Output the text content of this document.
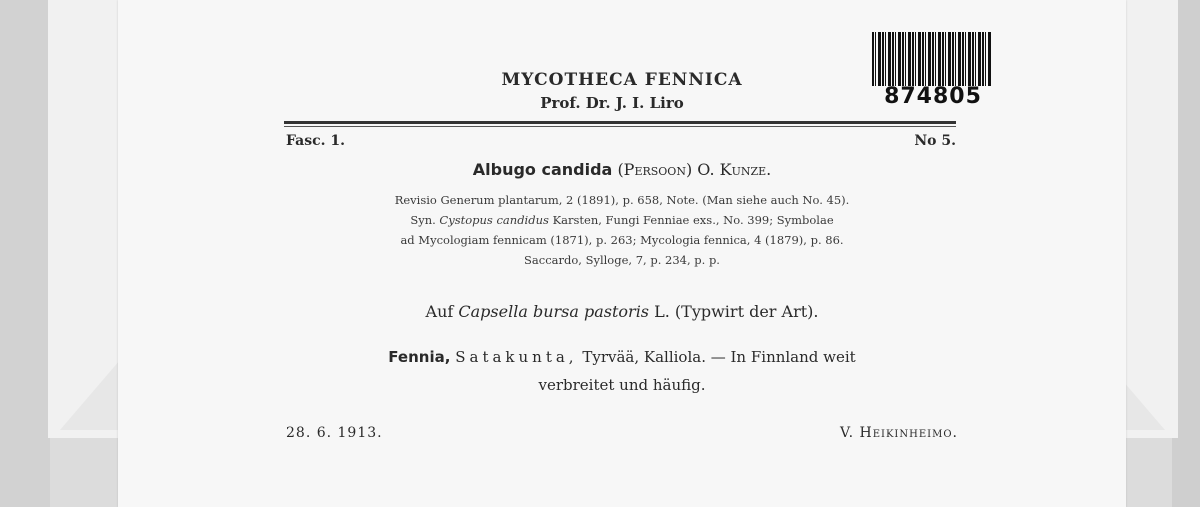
MYCOTHECA FENNICA
Prof. Dr. J. I. Liro	874805
Fasc. 1.	No 5.
Albugo candida (Persoon) O. Kunze.
Revisio Generum plantarum, 2 (1891), p. 658, Note. (Man siehe auch No. 45).
Syn. Cystopus candidus Karsten, Fungi Fenniae exs., No. 399; Symbolae
ad Mycologiam fennicam (1871), p. 263; Mycologia fennica, 4 (1879), p. 86.
Saccardo, Sylloge, 7, p. 234, p. p.
Auf Capsella bursa pastoris L. (Typwirt der Art).
Fennia, Satakunta, Tyrvää, Kalliola. — In Finnland weit
verbreitet und häufig.
28. 6. 1913.	V. Heikinheimo.
